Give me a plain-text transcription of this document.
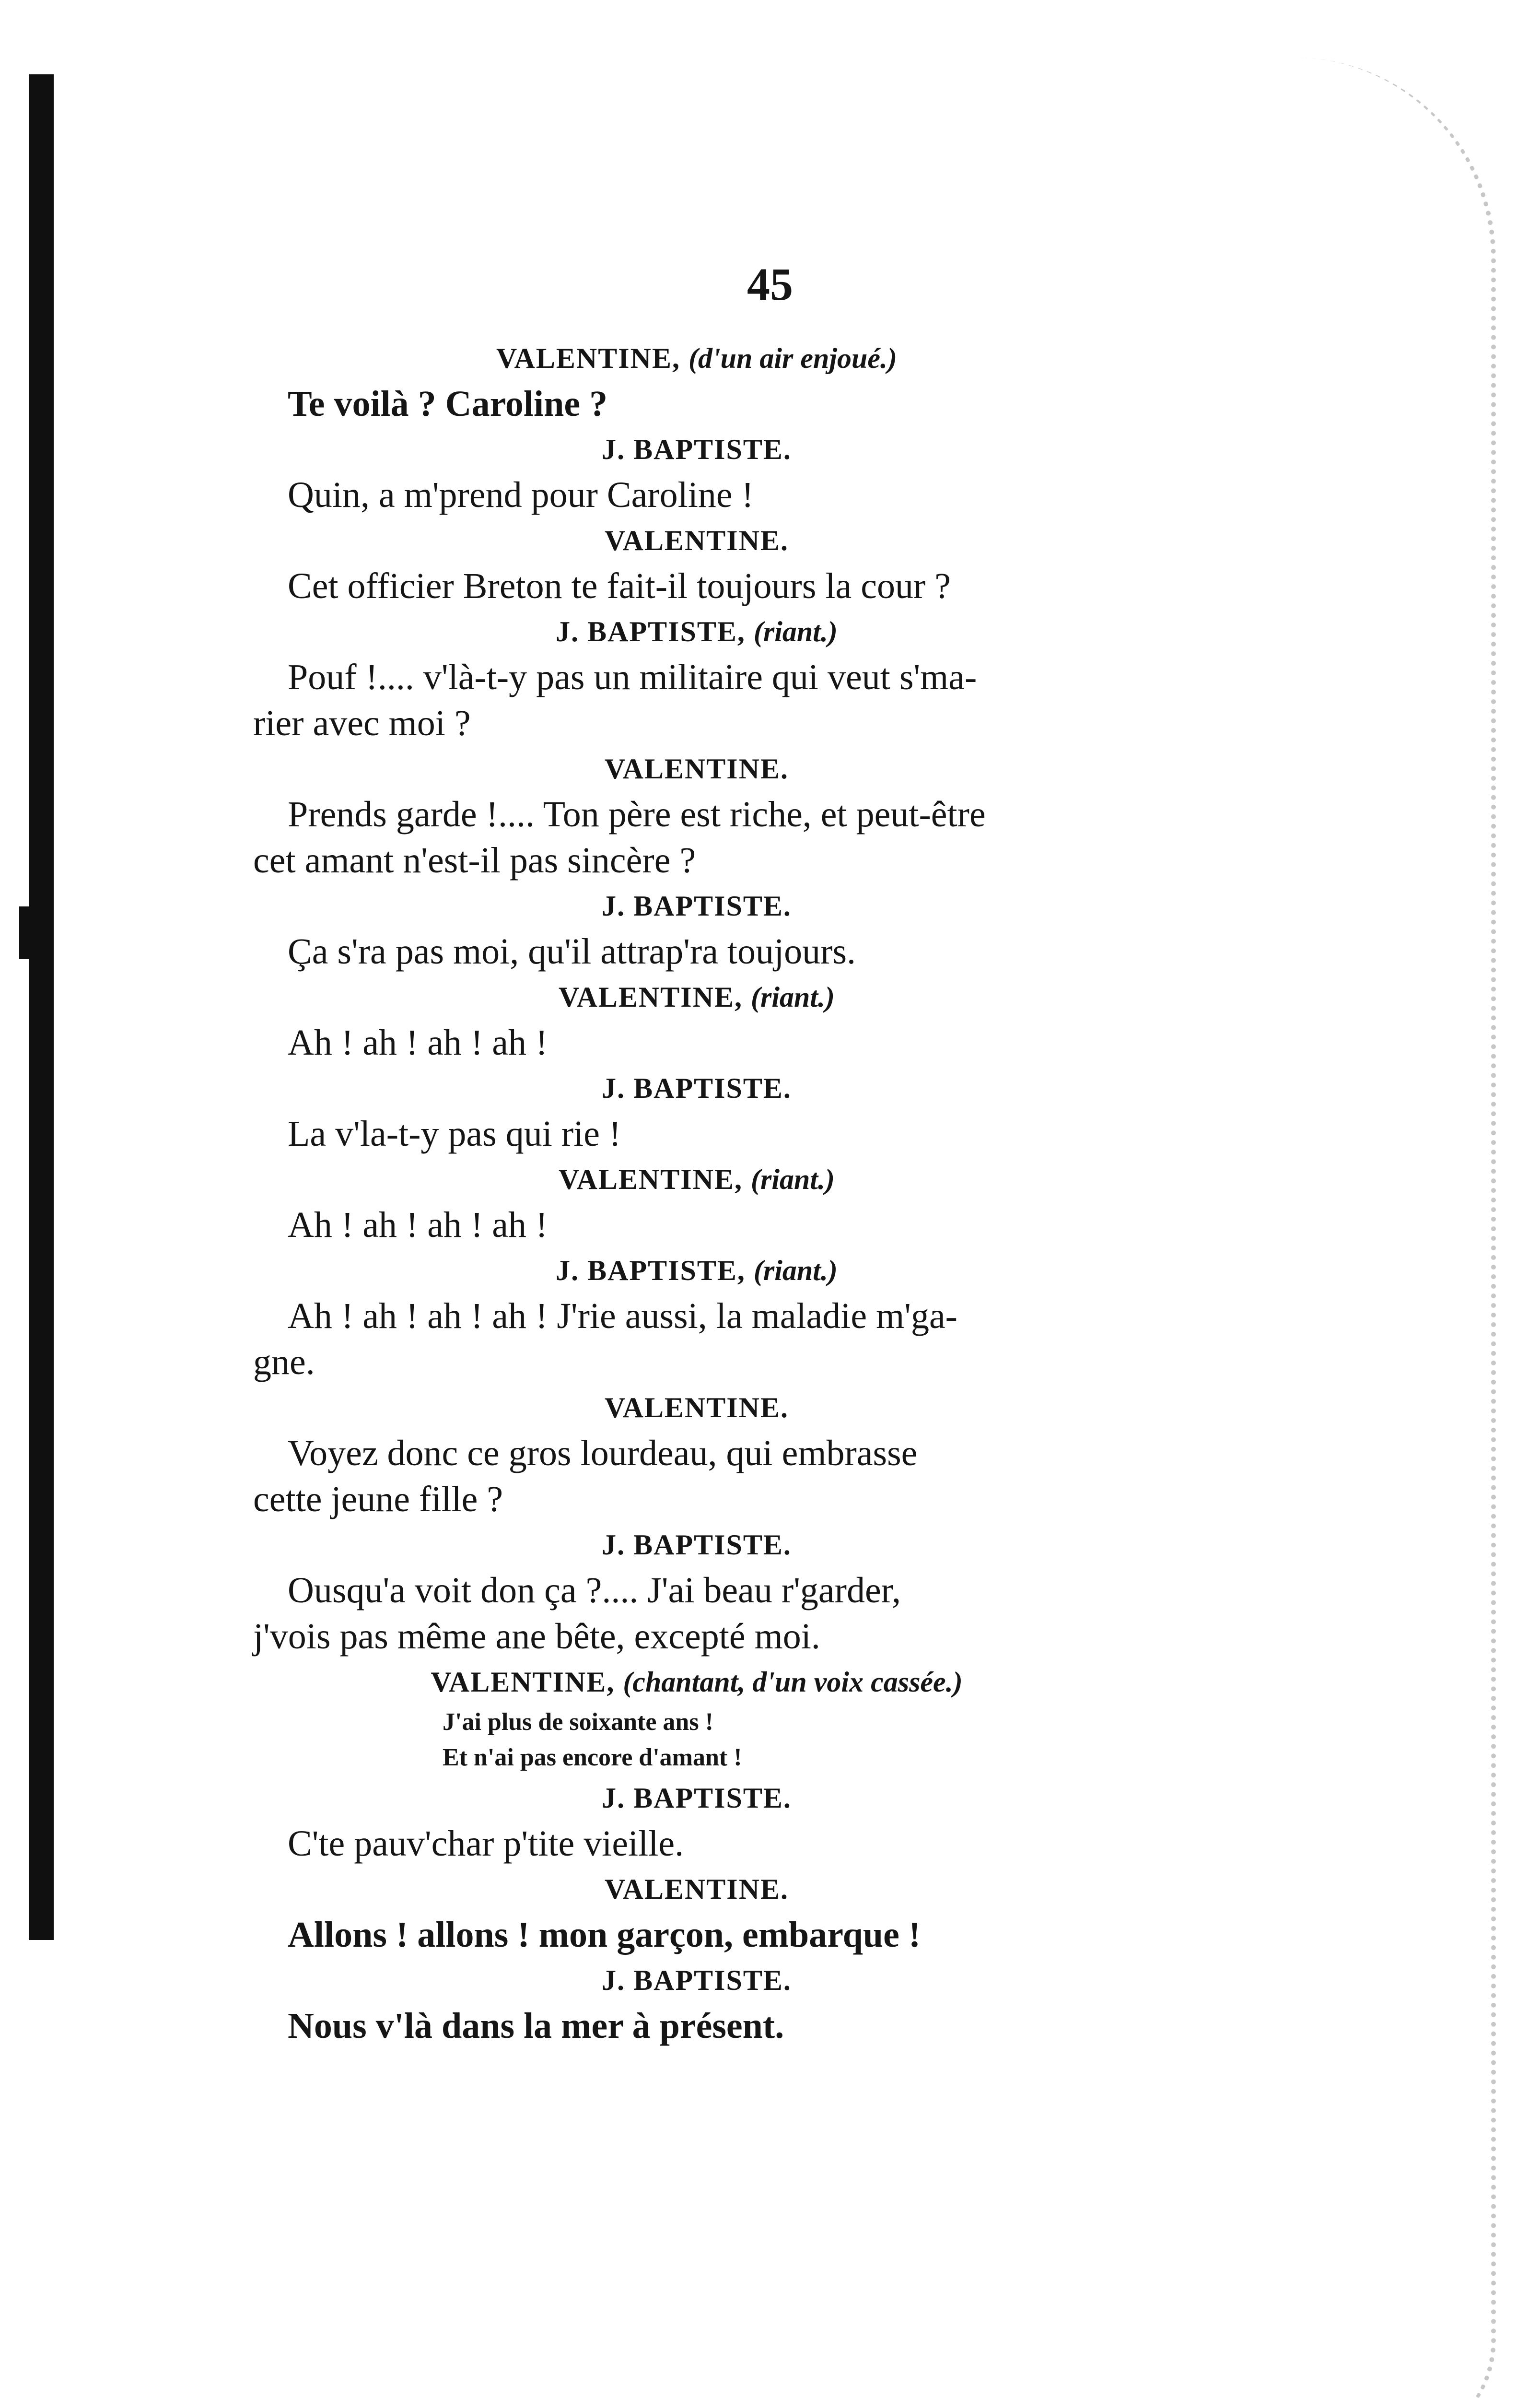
45
VALENTINE, (d'un air enjoué.)
Te voilà ? Caroline ?
J. BAPTISTE.
Quin, a m'prend pour Caroline !
VALENTINE.
Cet officier Breton te fait-il toujours la cour ?
J. BAPTISTE, (riant.)
Pouf !.... v'là-t-y pas un militaire qui veut s'ma-
rier avec moi ?
VALENTINE.
Prends garde !.... Ton père est riche, et peut-être
cet amant n'est-il pas sincère ?
J. BAPTISTE.
Ça s'ra pas moi, qu'il attrap'ra toujours.
VALENTINE, (riant.)
Ah ! ah ! ah ! ah !
J. BAPTISTE.
La v'la-t-y pas qui rie !
VALENTINE, (riant.)
Ah ! ah ! ah ! ah !
J. BAPTISTE, (riant.)
Ah ! ah ! ah ! ah ! J'rie aussi, la maladie m'ga-
gne.
VALENTINE.
Voyez donc ce gros lourdeau, qui embrasse
cette jeune fille ?
J. BAPTISTE.
Ousqu'a voit don ça ?.... J'ai beau r'garder,
j'vois pas même ane bête, excepté moi.
VALENTINE, (chantant, d'un voix cassée.)
J'ai plus de soixante ans !
Et n'ai pas encore d'amant !
J. BAPTISTE.
C'te pauv'char p'tite vieille.
VALENTINE.
Allons ! allons ! mon garçon, embarque !
J. BAPTISTE.
Nous v'là dans la mer à présent.
